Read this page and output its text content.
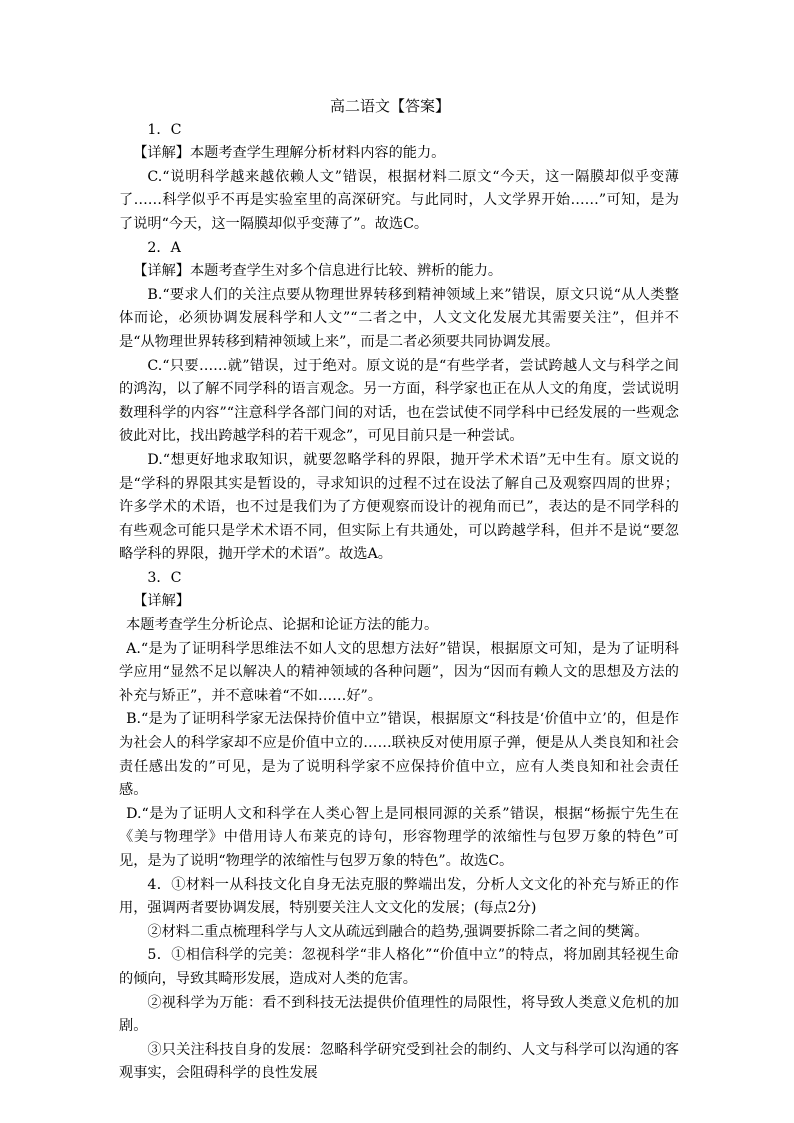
高二语文【答案】

1．C

【详解】本题考查学生理解分析材料内容的能力。

C.“说明科学越来越依赖人文”错误，根据材料二原文“今天，这一隔膜却似乎变薄了……科学似乎不再是实验室里的高深研究。与此同时，人文学界开始……”可知，是为了说明“今天，这一隔膜却似乎变薄了”。故选C。

2．A

【详解】本题考查学生对多个信息进行比较、辨析的能力。

B.“要求人们的关注点要从物理世界转移到精神领域上来”错误，原文只说“从人类整体而论，必须协调发展科学和人文”“二者之中，人文文化发展尤其需要关注”，但并不是“从物理世界转移到精神领域上来”，而是二者必须要共同协调发展。

C.“只要……就”错误，过于绝对。原文说的是“有些学者，尝试跨越人文与科学之间的鸿沟，以了解不同学科的语言观念。另一方面，科学家也正在从人文的角度，尝试说明数理科学的内容”“注意科学各部门间的对话，也在尝试使不同学科中已经发展的一些观念彼此对比，找出跨越学科的若干观念”，可见目前只是一种尝试。

D.“想更好地求取知识，就要忽略学科的界限，抛开学术术语”无中生有。原文说的是“学科的界限其实是暂设的，寻求知识的过程不过在设法了解自己及观察四周的世界；许多学术的术语，也不过是我们为了方便观察而设计的视角而已”，表达的是不同学科的有些观念可能只是学术术语不同，但实际上有共通处，可以跨越学科，但并不是说“要忽略学科的界限，抛开学术的术语”。故选A。

3．C

【详解】

本题考查学生分析论点、论据和论证方法的能力。

A.“是为了证明科学思维法不如人文的思想方法好”错误，根据原文可知，是为了证明科学应用“显然不足以解决人的精神领域的各种问题”，因为“因而有赖人文的思想及方法的补充与矫正”，并不意味着“不如……好”。

B.“是为了证明科学家无法保持价值中立”错误，根据原文“科技是‘价值中立’的，但是作为社会人的科学家却不应是价值中立的……联袂反对使用原子弹，便是从人类良知和社会责任感出发的”可见，是为了说明科学家不应保持价值中立，应有人类良知和社会责任感。

D.“是为了证明人文和科学在人类心智上是同根同源的关系”错误，根据“杨振宁先生在《美与物理学》中借用诗人布莱克的诗句，形容物理学的浓缩性与包罗万象的特色”可见，是为了说明“物理学的浓缩性与包罗万象的特色”。故选C。

4．①材料一从科技文化自身无法克服的弊端出发，分析人文文化的补充与矫正的作用，强调两者要协调发展，特别要关注人文文化的发展；(每点2分)

②材料二重点梳理科学与人文从疏远到融合的趋势,强调要拆除二者之间的樊篱。

5．①相信科学的完美：忽视科学“非人格化”“价值中立”的特点，将加剧其轻视生命的倾向，导致其畸形发展，造成对人类的危害。

②视科学为万能：看不到科技无法提供价值理性的局限性，将导致人类意义危机的加剧。

③只关注科技自身的发展：忽略科学研究受到社会的制约、人文与科学可以沟通的客观事实，会阻碍科学的良性发展
